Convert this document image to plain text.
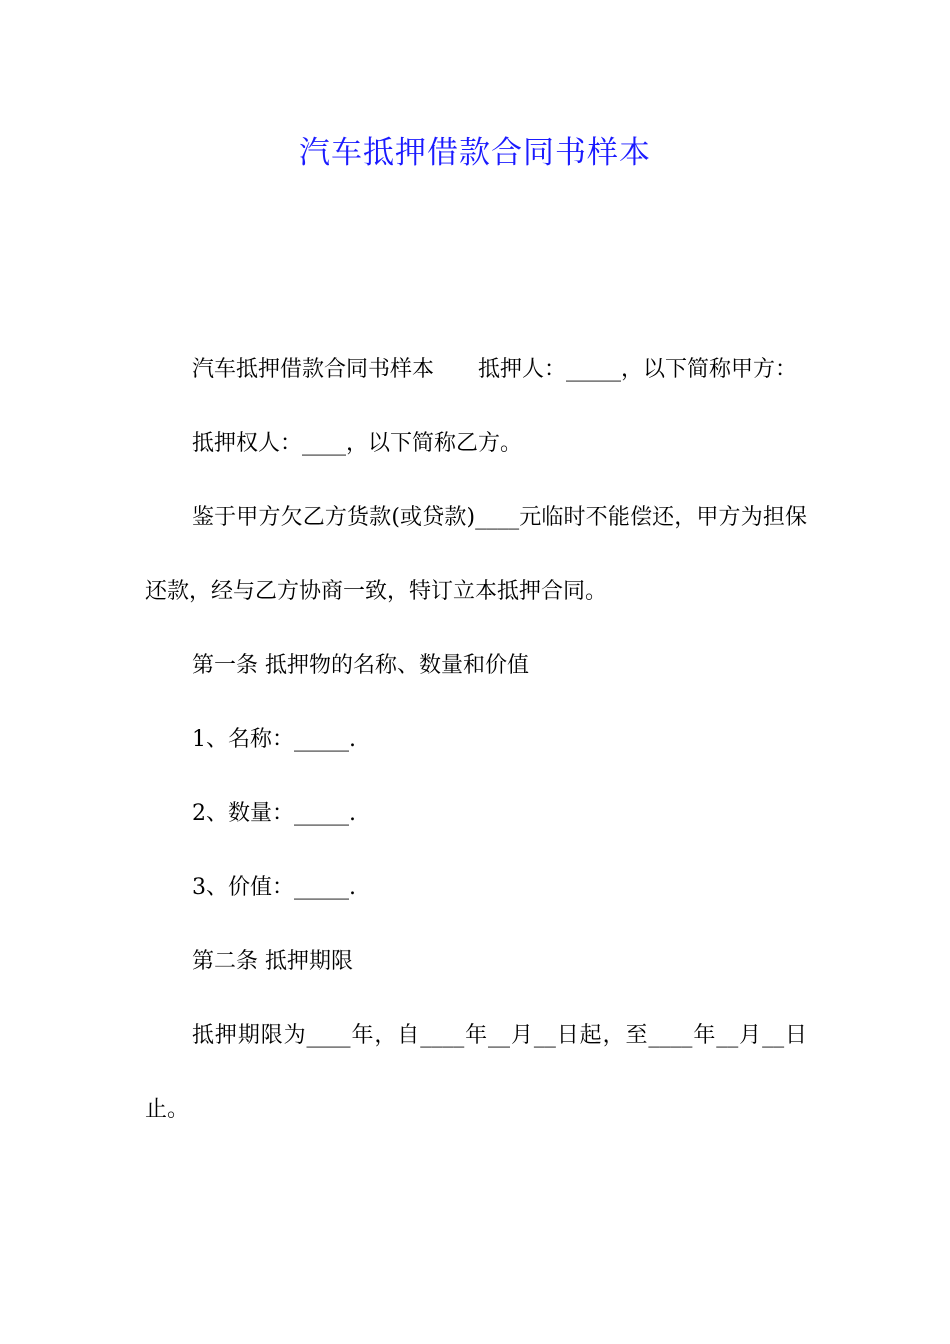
汽车抵押借款合同书样本

汽车抵押借款合同书样本 抵押人：_____，以下简称甲方：

抵押权人：____，以下简称乙方。

鉴于甲方欠乙方货款(或贷款)____元临时不能偿还，甲方为担保还款，经与乙方协商一致，特订立本抵押合同。

第一条 抵押物的名称、数量和价值

1、名称：_____.

2、数量：_____.

3、价值：_____.

第二条 抵押期限

抵押期限为____年，自____年__月__日起，至____年__月__日止。
